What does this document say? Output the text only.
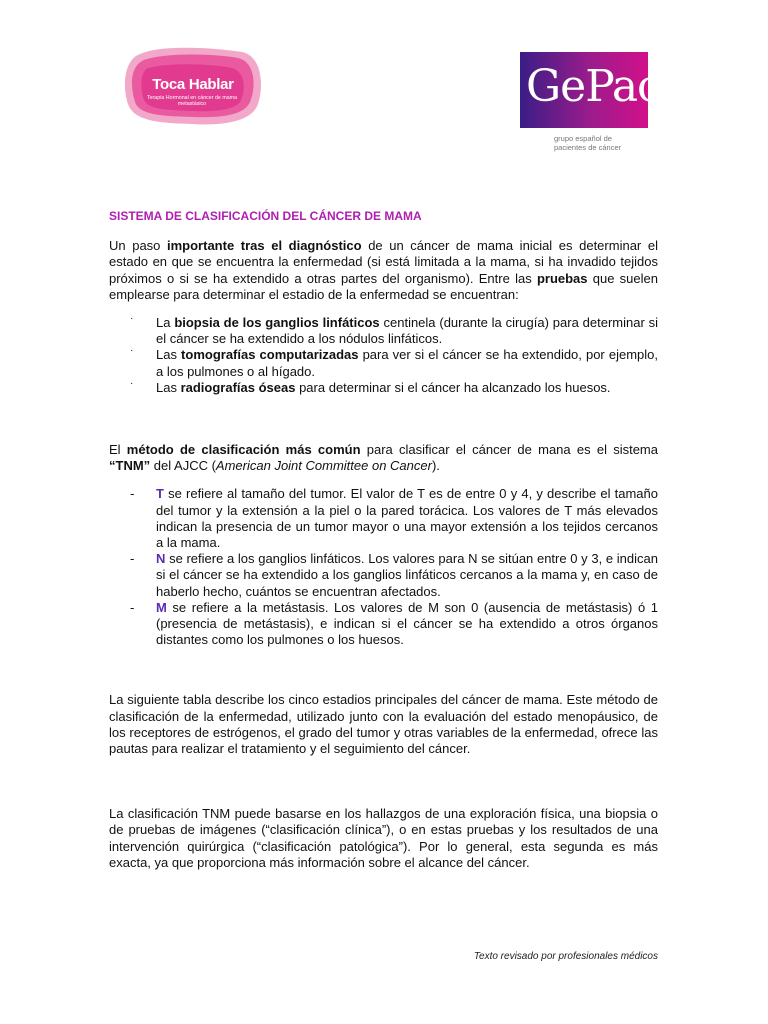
Toca Hablar
Terapia Hormonal en cáncer de mama metastásico	GePac
grupo español de pacientes de cáncer
SISTEMA DE CLASIFICACIÓN DEL CÁNCER DE MAMA

Un paso importante tras el diagnóstico de un cáncer de mama inicial es determinar el estado en que se encuentra la enfermedad (si está limitada a la mama, si ha invadido tejidos próximos o si se ha extendido a otras partes del organismo). Entre las pruebas que suelen emplearse para determinar el estadio de la enfermedad se encuentran:

· La biopsia de los ganglios linfáticos centinela (durante la cirugía) para determinar si el cáncer se ha extendido a los nódulos linfáticos.
· Las tomografías computarizadas para ver si el cáncer se ha extendido, por ejemplo, a los pulmones o al hígado.
· Las radiografías óseas para determinar si el cáncer ha alcanzado los huesos.

El método de clasificación más común para clasificar el cáncer de mana es el sistema “TNM” del AJCC (American Joint Committee on Cancer).

- T se refiere al tamaño del tumor. El valor de T es de entre 0 y 4, y describe el tamaño del tumor y la extensión a la piel o la pared torácica. Los valores de T más elevados indican la presencia de un tumor mayor o una mayor extensión a los tejidos cercanos a la mama.
- N se refiere a los ganglios linfáticos. Los valores para N se sitúan entre 0 y 3, e indican si el cáncer se ha extendido a los ganglios linfáticos cercanos a la mama y, en caso de haberlo hecho, cuántos se encuentran afectados.
- M se refiere a la metástasis. Los valores de M son 0 (ausencia de metástasis) ó 1 (presencia de metástasis), e indican si el cáncer se ha extendido a otros órganos distantes como los pulmones o los huesos.

La siguiente tabla describe los cinco estadios principales del cáncer de mama. Este método de clasificación de la enfermedad, utilizado junto con la evaluación del estado menopáusico, de los receptores de estrógenos, el grado del tumor y otras variables de la enfermedad, ofrece las pautas para realizar el tratamiento y el seguimiento del cáncer.

La clasificación TNM puede basarse en los hallazgos de una exploración física, una biopsia o de pruebas de imágenes (“clasificación clínica”), o en estas pruebas y los resultados de una intervención quirúrgica (“clasificación patológica”). Por lo general, esta segunda es más exacta, ya que proporciona más información sobre el alcance del cáncer.

Texto revisado por profesionales médicos
